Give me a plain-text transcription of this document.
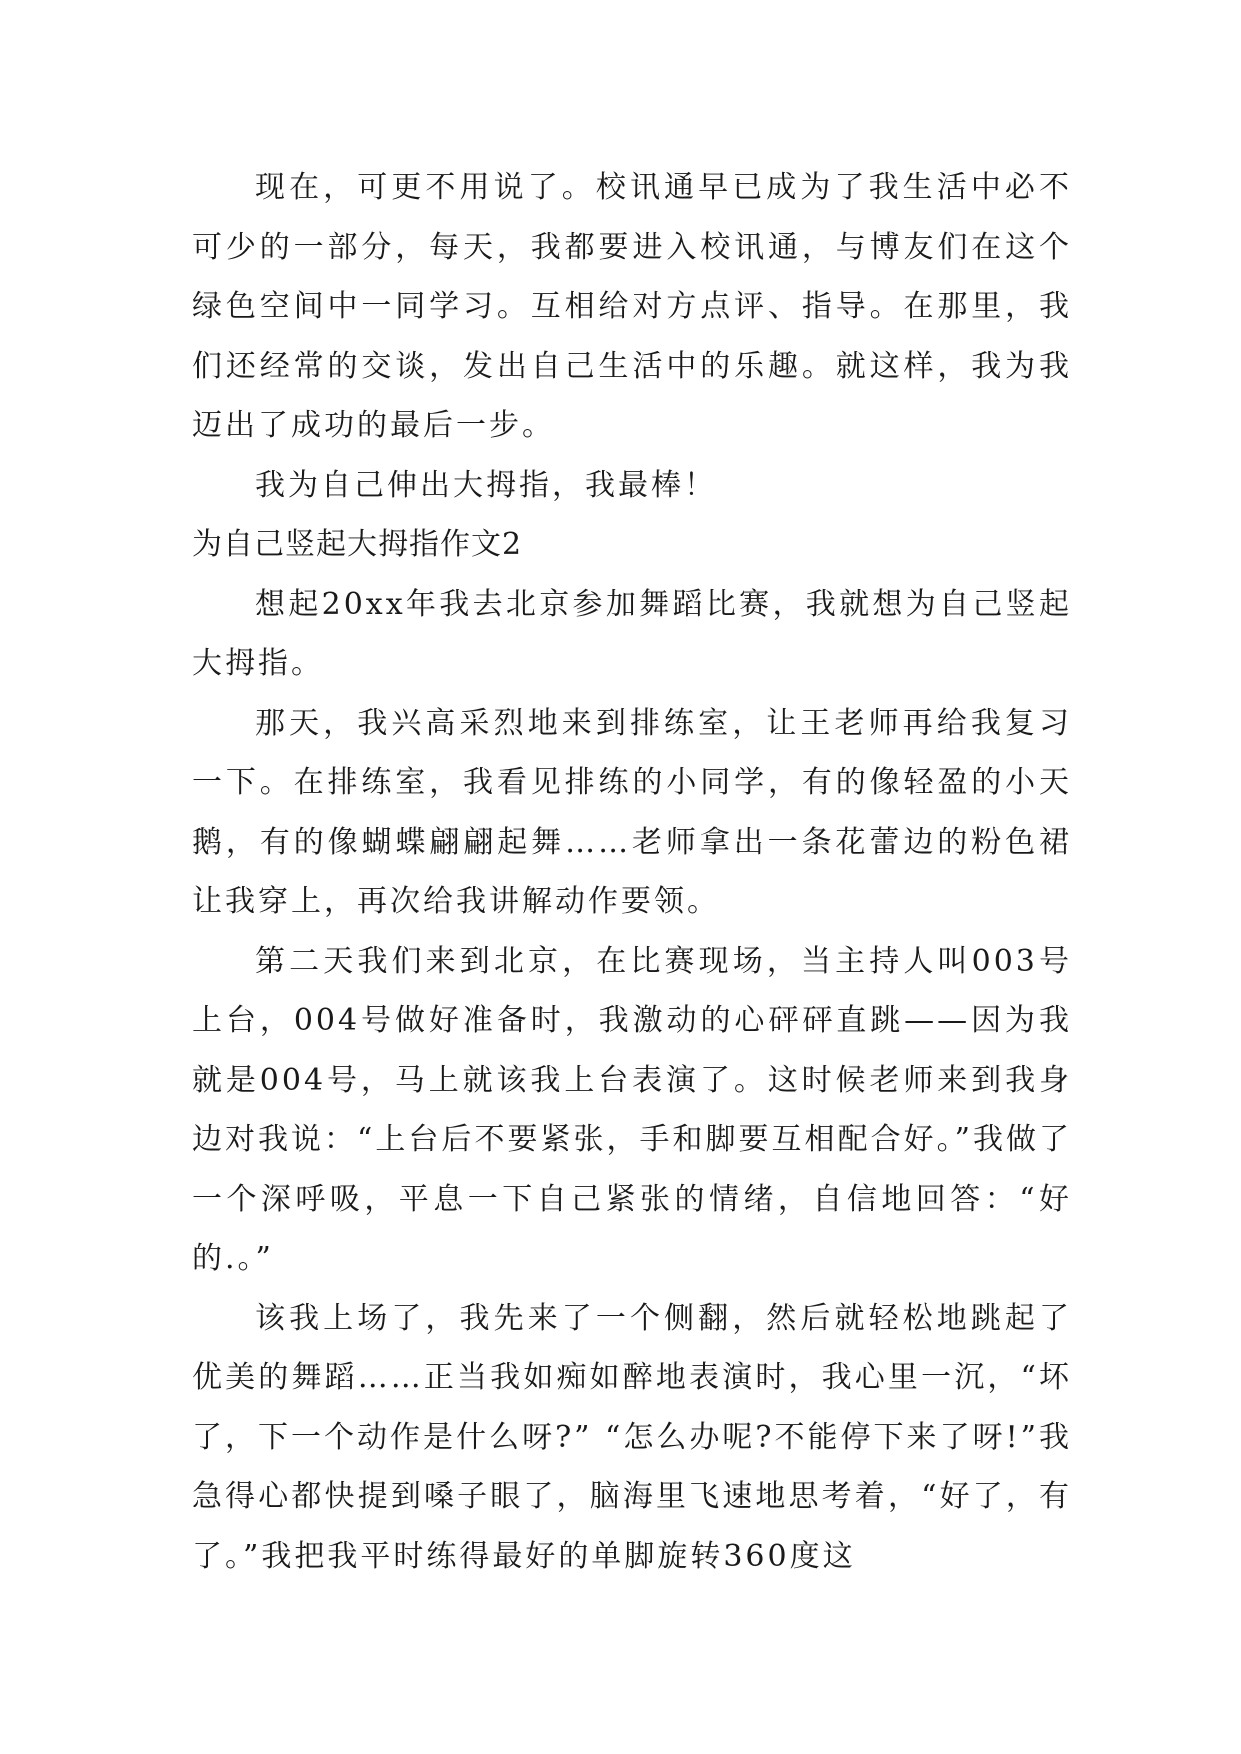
现在，可更不用说了。校讯通早已成为了我生活中必不可少的一部分，每天，我都要进入校讯通，与博友们在这个绿色空间中一同学习。互相给对方点评、指导。在那里，我们还经常的交谈，发出自己生活中的乐趣。就这样，我为我迈出了成功的最后一步。

我为自己伸出大拇指，我最棒！

为自己竖起大拇指作文2

想起20xx年我去北京参加舞蹈比赛，我就想为自己竖起大拇指。

那天，我兴高采烈地来到排练室，让王老师再给我复习一下。在排练室，我看见排练的小同学，有的像轻盈的小天鹅，有的像蝴蝶翩翩起舞……老师拿出一条花蕾边的粉色裙让我穿上，再次给我讲解动作要领。

第二天我们来到北京，在比赛现场，当主持人叫003号上台，004号做好准备时，我激动的心砰砰直跳——因为我就是004号，马上就该我上台表演了。这时候老师来到我身边对我说：“上台后不要紧张，手和脚要互相配合好。”我做了一个深呼吸，平息一下自己紧张的情绪，自信地回答：“好的.。”

该我上场了，我先来了一个侧翻，然后就轻松地跳起了优美的舞蹈……正当我如痴如醉地表演时，我心里一沉，“坏了，下一个动作是什么呀?” “怎么办呢?不能停下来了呀!”我急得心都快提到嗓子眼了，脑海里飞速地思考着，“好了，有了。”我把我平时练得最好的单脚旋转360度这
